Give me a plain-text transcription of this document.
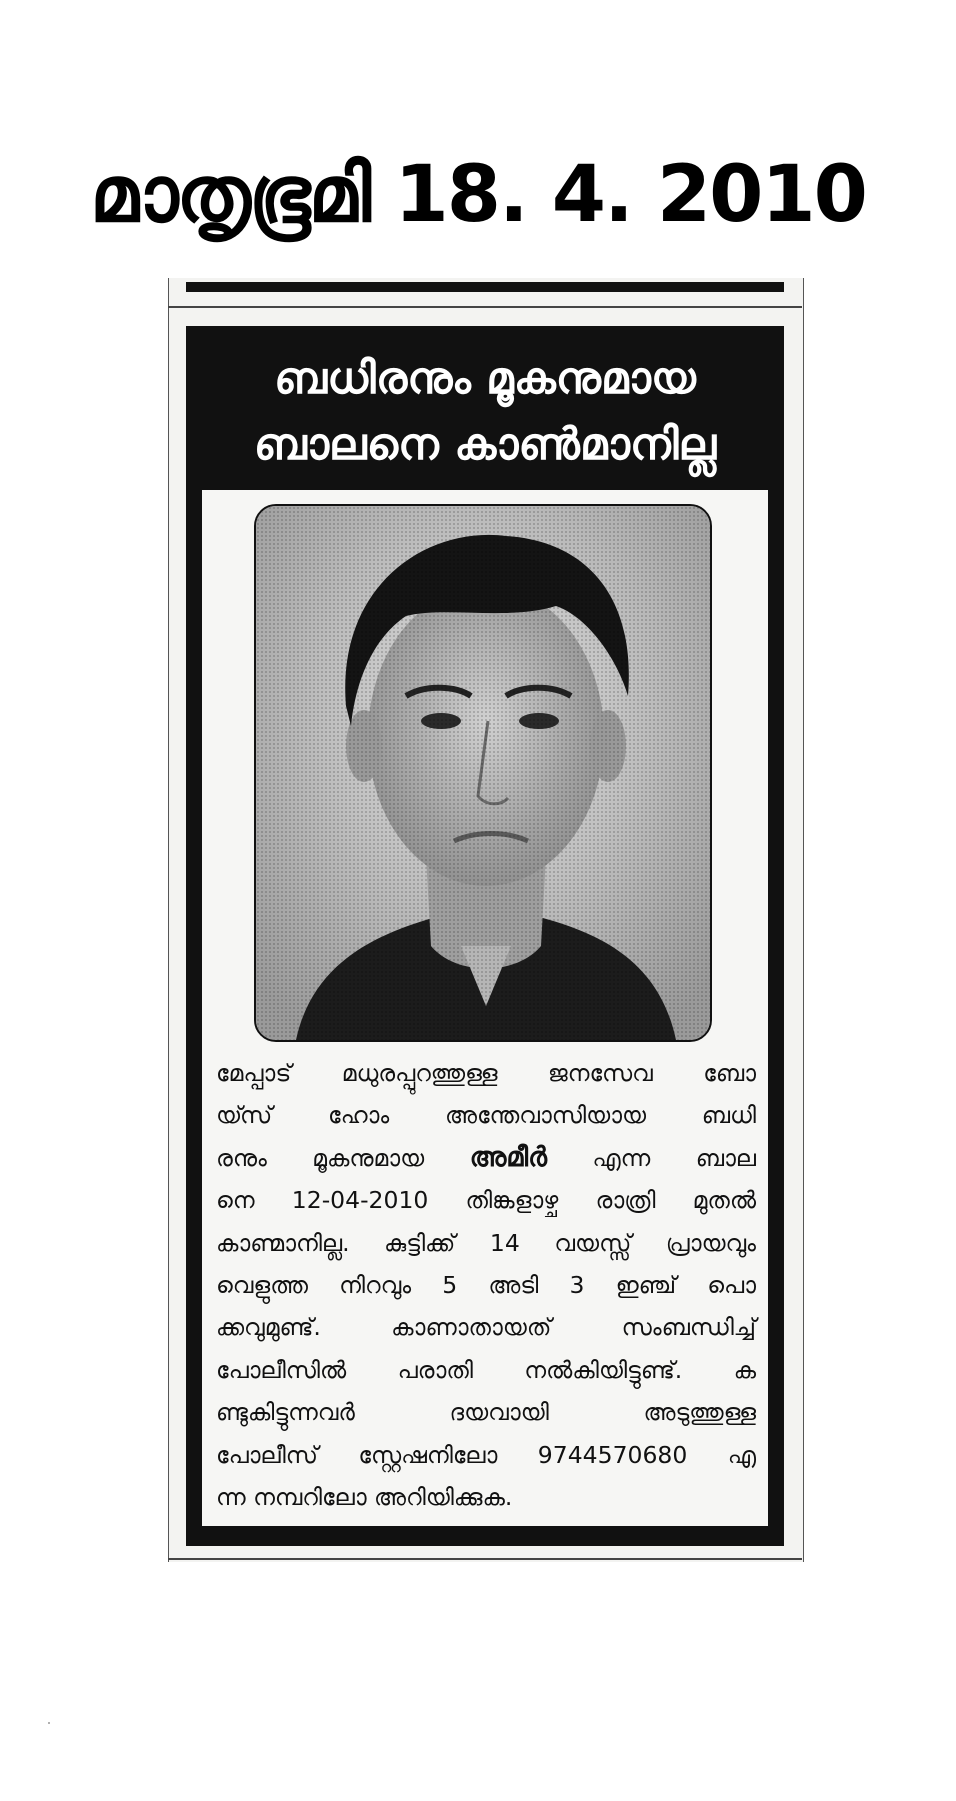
മാതൃഭൂമി 18. 4. 2010
ബധിരനും മൂകനുമായ
ബാലനെ കാൺമാനില്ല
മേപ്പാട് മധുരപ്പുറത്തുള്ള ജനസേവ ബോ
യ്സ് ഹോം അന്തേവാസിയായ ബധി
രനും മൂകനുമായ അമീർ എന്ന ബാല
നെ 12-04-2010 തിങ്കളാഴ്ച രാത്രി മുതൽ
കാണ്മാനില്ല. കുട്ടിക്ക് 14 വയസ്സ് പ്രായവും
വെളുത്ത നിറവും 5 അടി 3 ഇഞ്ച് പൊ
ക്കവുമുണ്ട്. കാണാതായത് സംബന്ധിച്ച്
പോലീസിൽ പരാതി നൽകിയിട്ടുണ്ട്. ക
ണ്ടുകിട്ടുന്നവർ ദയവായി അടുത്തുള്ള
പോലീസ് സ്റ്റേഷനിലോ 9744570680 എ
ന്ന നമ്പറിലോ അറിയിക്കുക.
